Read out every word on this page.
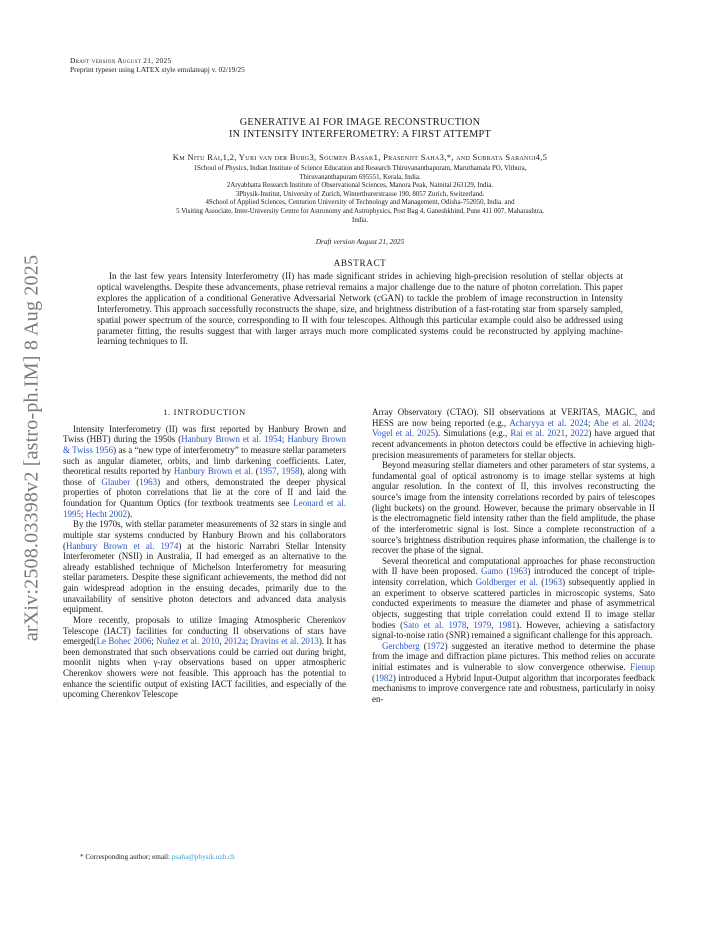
arXiv:2508.03398v2 [astro-ph.IM] 8 Aug 2025
Draft version August 21, 2025
Preprint typeset using LATEX style emulateapj v. 02/19/25
GENERATIVE AI FOR IMAGE RECONSTRUCTION
IN INTENSITY INTERFEROMETRY: A FIRST ATTEMPT
Km Nitu Rai,1,2, Yuri van der Burg3, Soumen Basak1, Prasenjit Saha3,*, and Subrata Sarangi4,5
1School of Physics, Indian Institute of Science Education and Research Thiruvananthapuram, Maruthamala PO, Vithura,
Thiruvananthapuram 695551, Kerala, India.
2Aryabhatta Research Institute of Observational Sciences, Manora Peak, Nainital 263129, India.
3Physik-Institut, University of Zurich, Winterthurerstrasse 190, 8057 Zurich, Switzerland.
4School of Applied Sciences, Centurion University of Technology and Management, Odisha-752050, India. and
5 Visiting Associate, Inter-University Centre for Astronomy and Astrophysics, Post Bag 4, Ganeshkhind, Pune 411 007, Maharashtra,
India.
Draft version August 21, 2025
ABSTRACT

In the last few years Intensity Interferometry (II) has made significant strides in achieving high-precision resolution of stellar objects at optical wavelengths. Despite these advancements, phase retrieval remains a major challenge due to the nature of photon correlation. This paper explores the application of a conditional Generative Adversarial Network (cGAN) to tackle the problem of image reconstruction in Intensity Interferometry. This approach successfully reconstructs the shape, size, and brightness distribution of a fast-rotating star from sparsely sampled, spatial power spectrum of the source, corresponding to II with four telescopes. Although this particular example could also be addressed using parameter fitting, the results suggest that with larger arrays much more complicated systems could be reconstructed by applying machine-learning techniques to II.

1. INTRODUCTION

Intensity Interferometry (II) was first reported by Hanbury Brown and Twiss (HBT) during the 1950s (Hanbury Brown et al. 1954; Hanbury Brown & Twiss 1956) as a “new type of interferometry” to measure stellar parameters such as angular diameter, orbits, and limb darkening coefficients. Later, theoretical results reported by Hanbury Brown et al. (1957, 1958), along with those of Glauber (1963) and others, demonstrated the deeper physical properties of photon correlations that lie at the core of II and laid the foundation for Quantum Optics (for textbook treatments see Leonard et al. 1995; Hecht 2002).

By the 1970s, with stellar parameter measurements of 32 stars in single and multiple star systems conducted by Hanbury Brown and his collaborators (Hanbury Brown et al. 1974) at the historic Narrabri Stellar Intensity Interferometer (NSII) in Australia, II had emerged as an alternative to the already established technique of Michelson Interferometry for measuring stellar parameters. Despite these significant achievements, the method did not gain widespread adoption in the ensuing decades, primarily due to the unavailability of sensitive photon detectors and advanced data analysis equipment.

More recently, proposals to utilize Imaging Atmospheric Cherenkov Telescope (IACT) facilities for conducting II observations of stars have emerged(Le Bohec 2006; Nuñez et al. 2010, 2012a; Dravins et al. 2013). It has been demonstrated that such observations could be carried out during bright, moonlit nights when γ-ray observations based on upper atmospheric Cherenkov showers were not feasible. This approach has the potential to enhance the scientific output of existing IACT facilities, and especially of the upcoming Cherenkov Telescope

Array Observatory (CTAO). SII observations at VERITAS, MAGIC, and HESS are now being reported (e.g., Acharyya et al. 2024; Abe et al. 2024; Vogel et al. 2025). Simulations (e.g., Rai et al. 2021, 2022) have argued that recent advancements in photon detectors could be effective in achieving high-precision measurements of parameters for stellar objects.

Beyond measuring stellar diameters and other parameters of star systems, a fundamental goal of optical astronomy is to image stellar systems at high angular resolution. In the context of II, this involves reconstructing the source’s image from the intensity correlations recorded by pairs of telescopes (light buckets) on the ground. However, because the primary observable in II is the electromagnetic field intensity rather than the field amplitude, the phase of the interferometric signal is lost. Since a complete reconstruction of a source’s brightness distribution requires phase information, the challenge is to recover the phase of the signal.

Several theoretical and computational approaches for phase reconstruction with II have been proposed. Gamo (1963) introduced the concept of triple-intensity correlation, which Goldberger et al. (1963) subsequently applied in an experiment to observe scattered particles in microscopic systems. Sato conducted experiments to measure the diameter and phase of asymmetrical objects, suggesting that triple correlation could extend II to image stellar bodies (Sato et al. 1978, 1979, 1981). However, achieving a satisfactory signal-to-noise ratio (SNR) remained a significant challenge for this approach.

Gerchberg (1972) suggested an iterative method to determine the phase from the image and diffraction plane pictures. This method relies on accurate initial estimates and is vulnerable to slow convergence otherwise. Fienup (1982) introduced a Hybrid Input-Output algorithm that incorporates feedback mechanisms to improve convergence rate and robustness, particularly in noisy en-

* Corresponding author; email: psaha@physik.uzh.ch
